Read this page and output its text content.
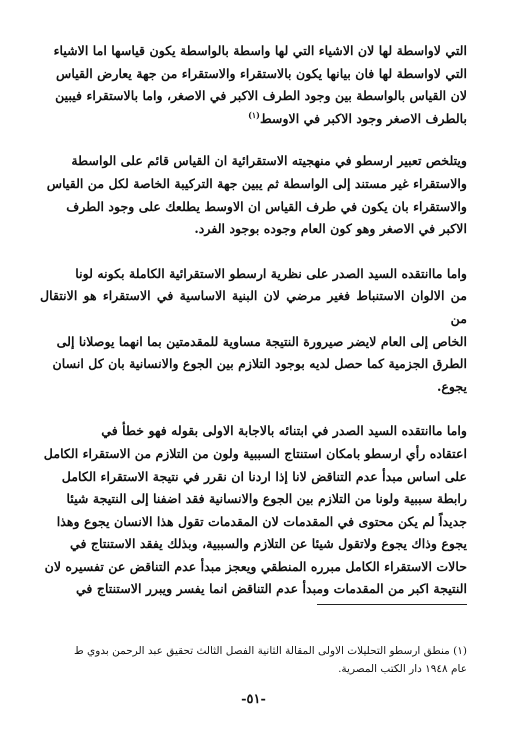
التي لاواسطة لها لان الاشياء التي لها واسطة بالواسطة يكون قياسها اما الاشياء
التي لاواسطة لها فان بيانها يكون بالاستقراء والاستقراء من جهة يعارض القياس
لان القياس بالواسطة بين وجود الطرف الاكبر في الاصغر، واما بالاستقراء فيبين
بالطرف الاصغر وجود الاكبر في الاوسط$^{(١)}$

ويتلخص تعبير ارسطو في منهجيته الاستقرائية ان القياس قائم على الواسطة
والاستقراء غير مستند إلى الواسطة ثم يبين جهة التركيبة الخاصة لكل من القياس
والاستقراء بان يكون في طرف القياس ان الاوسط يطلعك على وجود الطرف
الاكبر في الاصغر وهو كون العام وجوده بوجود الفرد.

واما ماانتقده السيد الصدر على نظرية ارسطو الاستقرائية الكاملة بكونه لونا
من الالوان الاستنباط فغير مرضي لان البنية الاساسية في الاستقراء هو الانتقال من
الخاص إلى العام لايضر صيرورة النتيجة مساوية للمقدمتين بما انهما يوصلانا إلى
الطرق الجزمية كما حصل لديه بوجود التلازم بين الجوع والانسانية بان كل انسان
يجوع.

واما ماانتقده السيد الصدر في ابتنائه بالاجابة الاولى بقوله فهو خطأ في
اعتقاده رأي ارسطو بامكان استنتاج السببية ولون من التلازم من الاستقراء الكامل
على اساس مبدأ عدم التناقض لانا إذا اردنا ان نقرر في نتيجة الاستقراء الكامل
رابطة سببية ولونا من التلازم بين الجوع والانسانية فقد اضفنا إلى النتيجة شيئا
جديداً لم يكن محتوى في المقدمات لان المقدمات تقول هذا الانسان يجوع وهذا
يجوع وذاك يجوع ولاتقول شيئا عن التلازم والسببية، وبذلك يفقد الاستنتاج في
حالات الاستقراء الكامل مبرره المنطقي ويعجز مبدأ عدم التناقض عن تفسيره لان
النتيجة اكبر من المقدمات ومبدأ عدم التناقض انما يفسر ويبرر الاستنتاج في

(١) منطق ارسطو التحليلات الاولى المقالة الثانية الفصل الثالث تحقيق عبد الرحمن بدوي ط
عام ١٩٤٨ دار الكتب المصرية.
-٥١-
